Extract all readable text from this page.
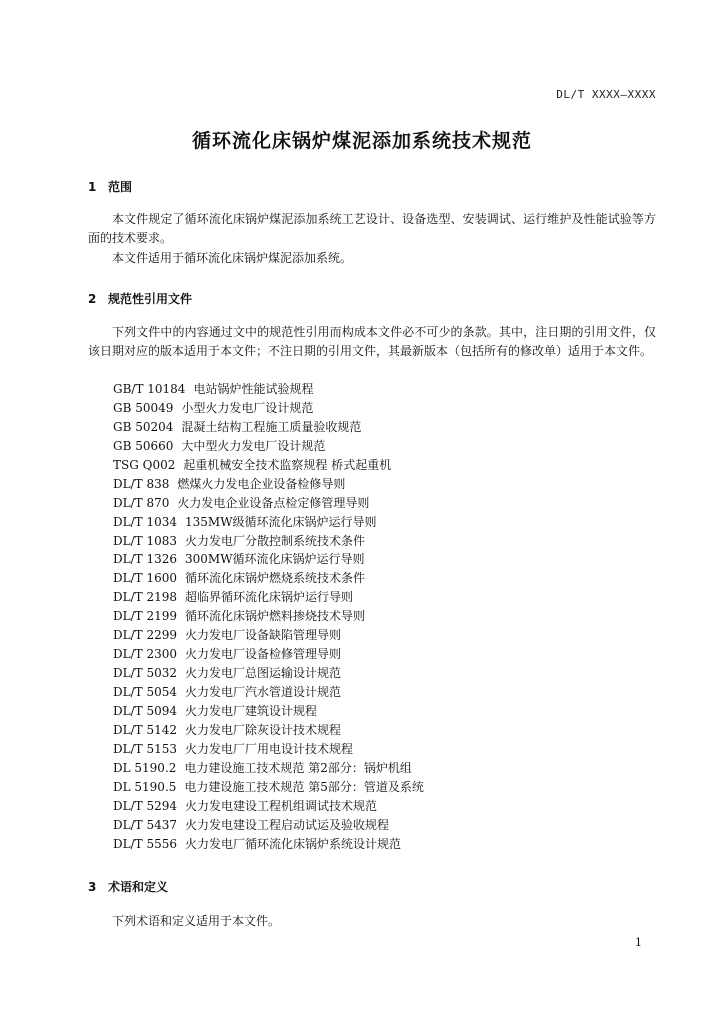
DL/T XXXX—XXXX
循环流化床锅炉煤泥添加系统技术规范
1 范围
本文件规定了循环流化床锅炉煤泥添加系统工艺设计、设备选型、安装调试、运行维护及性能试验等方面的技术要求。
本文件适用于循环流化床锅炉煤泥添加系统。
2 规范性引用文件
下列文件中的内容通过文中的规范性引用而构成本文件必不可少的条款。其中，注日期的引用文件，仅该日期对应的版本适用于本文件；不注日期的引用文件，其最新版本（包括所有的修改单）适用于本文件。
GB/T 10184 电站锅炉性能试验规程
GB 50049 小型火力发电厂设计规范
GB 50204 混凝土结构工程施工质量验收规范
GB 50660 大中型火力发电厂设计规范
TSG Q002 起重机械安全技术监察规程 桥式起重机
DL/T 838 燃煤火力发电企业设备检修导则
DL/T 870 火力发电企业设备点检定修管理导则
DL/T 1034 135MW级循环流化床锅炉运行导则
DL/T 1083 火力发电厂分散控制系统技术条件
DL/T 1326 300MW循环流化床锅炉运行导则
DL/T 1600 循环流化床锅炉燃烧系统技术条件
DL/T 2198 超临界循环流化床锅炉运行导则
DL/T 2199 循环流化床锅炉燃料掺烧技术导则
DL/T 2299 火力发电厂设备缺陷管理导则
DL/T 2300 火力发电厂设备检修管理导则
DL/T 5032 火力发电厂总图运输设计规范
DL/T 5054 火力发电厂汽水管道设计规范
DL/T 5094 火力发电厂建筑设计规程
DL/T 5142 火力发电厂除灰设计技术规程
DL/T 5153 火力发电厂厂用电设计技术规程
DL 5190.2 电力建设施工技术规范 第2部分：锅炉机组
DL 5190.5 电力建设施工技术规范 第5部分：管道及系统
DL/T 5294 火力发电建设工程机组调试技术规范
DL/T 5437 火力发电建设工程启动试运及验收规程
DL/T 5556 火力发电厂循环流化床锅炉系统设计规范
3 术语和定义
下列术语和定义适用于本文件。
1
